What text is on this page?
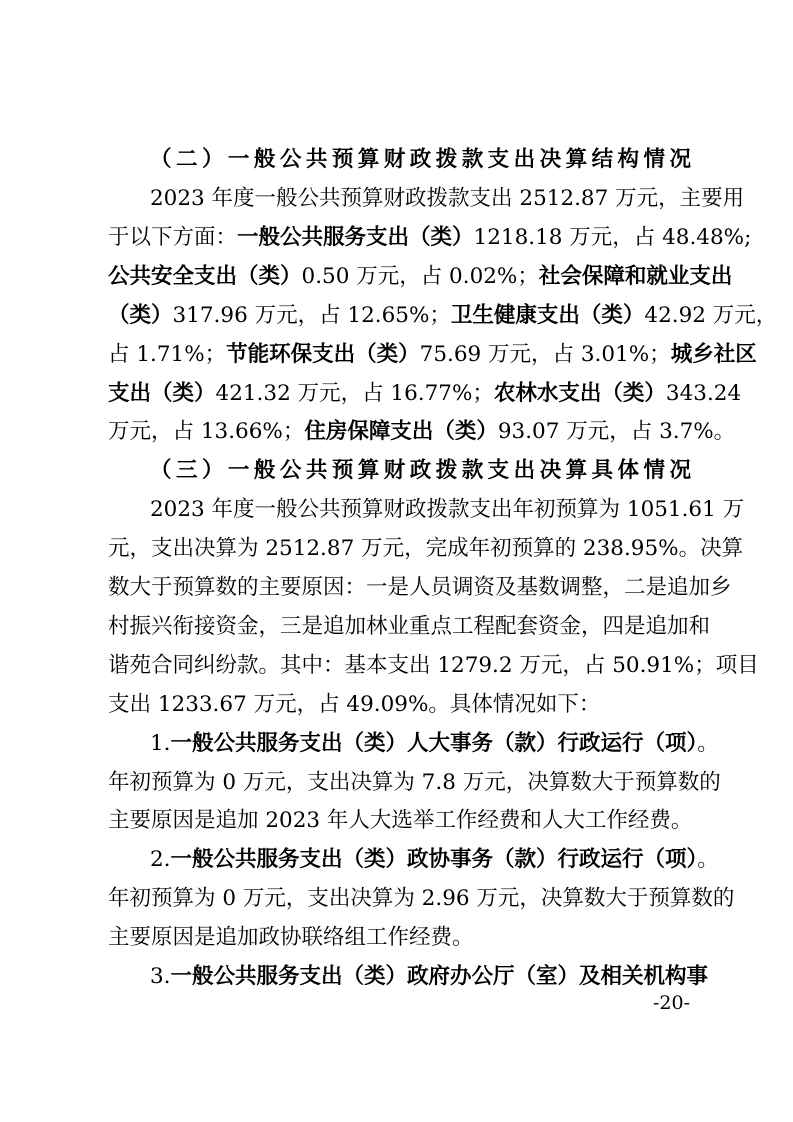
（二）一般公共预算财政拨款支出决算结构情况
2023 年度一般公共预算财政拨款支出 2512.87 万元，主要用
于以下方面：一般公共服务支出（类）1218.18 万元，占 48.48%;
公共安全支出（类）0.50 万元，占 0.02%；社会保障和就业支出
（类）317.96 万元，占 12.65%；卫生健康支出（类）42.92 万元，
占 1.71%；节能环保支出（类）75.69 万元，占 3.01%；城乡社区
支出（类）421.32 万元，占 16.77%；农林水支出（类）343.24
万元，占 13.66%；住房保障支出（类）93.07 万元，占 3.7%。
（三）一般公共预算财政拨款支出决算具体情况
2023 年度一般公共预算财政拨款支出年初预算为 1051.61 万
元，支出决算为 2512.87 万元，完成年初预算的 238.95%。决算
数大于预算数的主要原因：一是人员调资及基数调整，二是追加乡
村振兴衔接资金，三是追加林业重点工程配套资金，四是追加和
谐苑合同纠纷款。其中：基本支出 1279.2 万元，占 50.91%；项目
支出 1233.67 万元，占 49.09%。具体情况如下：
1.一般公共服务支出（类）人大事务（款）行政运行（项）。
年初预算为 0 万元，支出决算为 7.8 万元，决算数大于预算数的
主要原因是追加 2023 年人大选举工作经费和人大工作经费。
2.一般公共服务支出（类）政协事务（款）行政运行（项）。
年初预算为 0 万元，支出决算为 2.96 万元，决算数大于预算数的
主要原因是追加政协联络组工作经费。
3.一般公共服务支出（类）政府办公厅（室）及相关机构事
-20-
